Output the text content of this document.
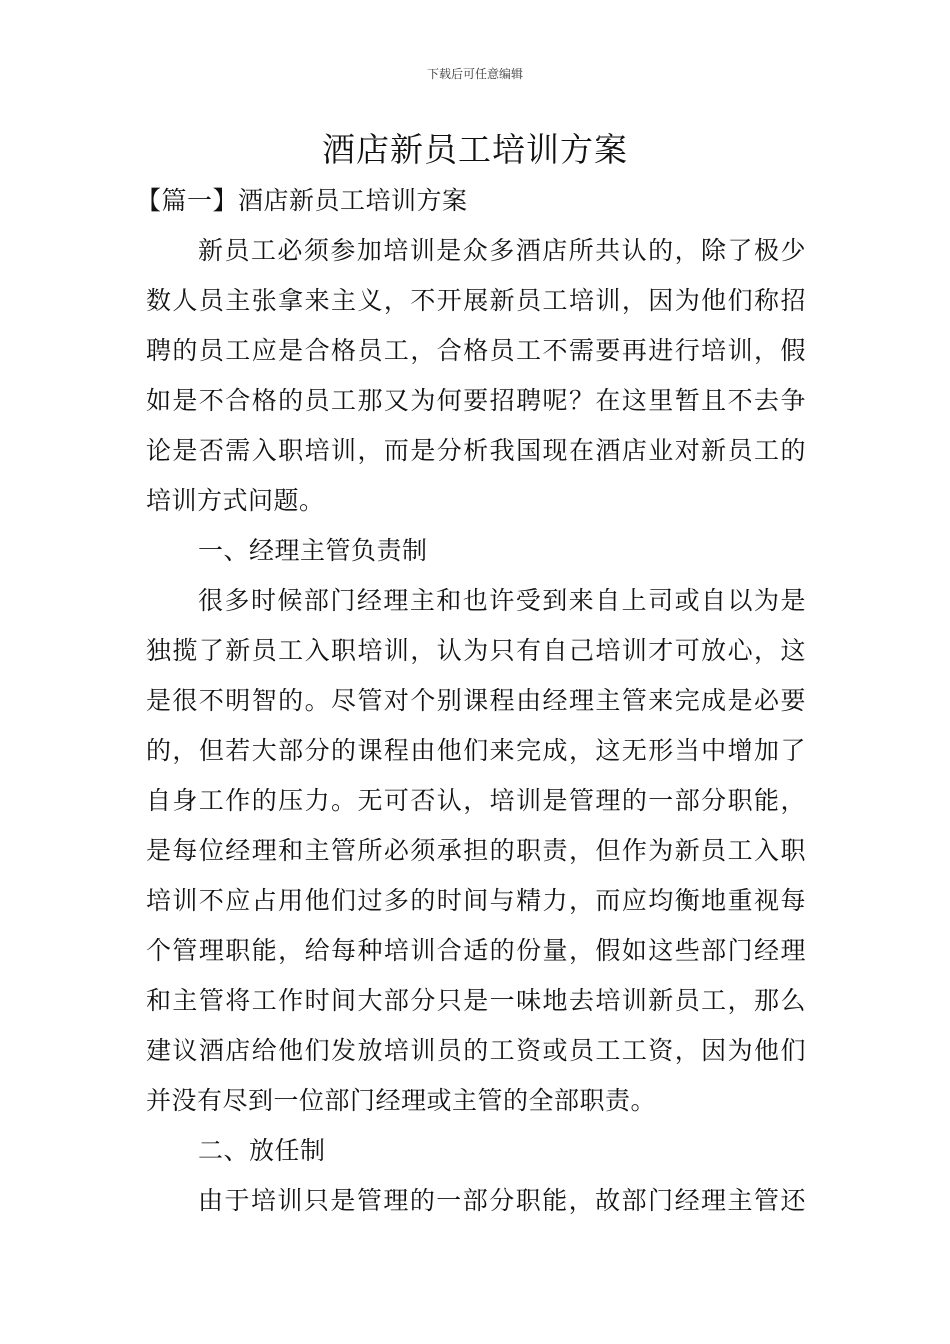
下载后可任意编辑
酒店新员工培训方案
【篇一】酒店新员工培训方案
新员工必须参加培训是众多酒店所共认的，除了极少
数人员主张拿来主义，不开展新员工培训，因为他们称招
聘的员工应是合格员工，合格员工不需要再进行培训，假
如是不合格的员工那又为何要招聘呢？在这里暂且不去争
论是否需入职培训，而是分析我国现在酒店业对新员工的
培训方式问题。
一、经理主管负责制
很多时候部门经理主和也许受到来自上司或自以为是
独揽了新员工入职培训，认为只有自己培训才可放心，这
是很不明智的。尽管对个别课程由经理主管来完成是必要
的，但若大部分的课程由他们来完成，这无形当中增加了
自身工作的压力。无可否认，培训是管理的一部分职能，
是每位经理和主管所必须承担的职责，但作为新员工入职
培训不应占用他们过多的时间与精力，而应均衡地重视每
个管理职能，给每种培训合适的份量，假如这些部门经理
和主管将工作时间大部分只是一味地去培训新员工，那么
建议酒店给他们发放培训员的工资或员工工资，因为他们
并没有尽到一位部门经理或主管的全部职责。
二、放任制
由于培训只是管理的一部分职能，故部门经理主管还
